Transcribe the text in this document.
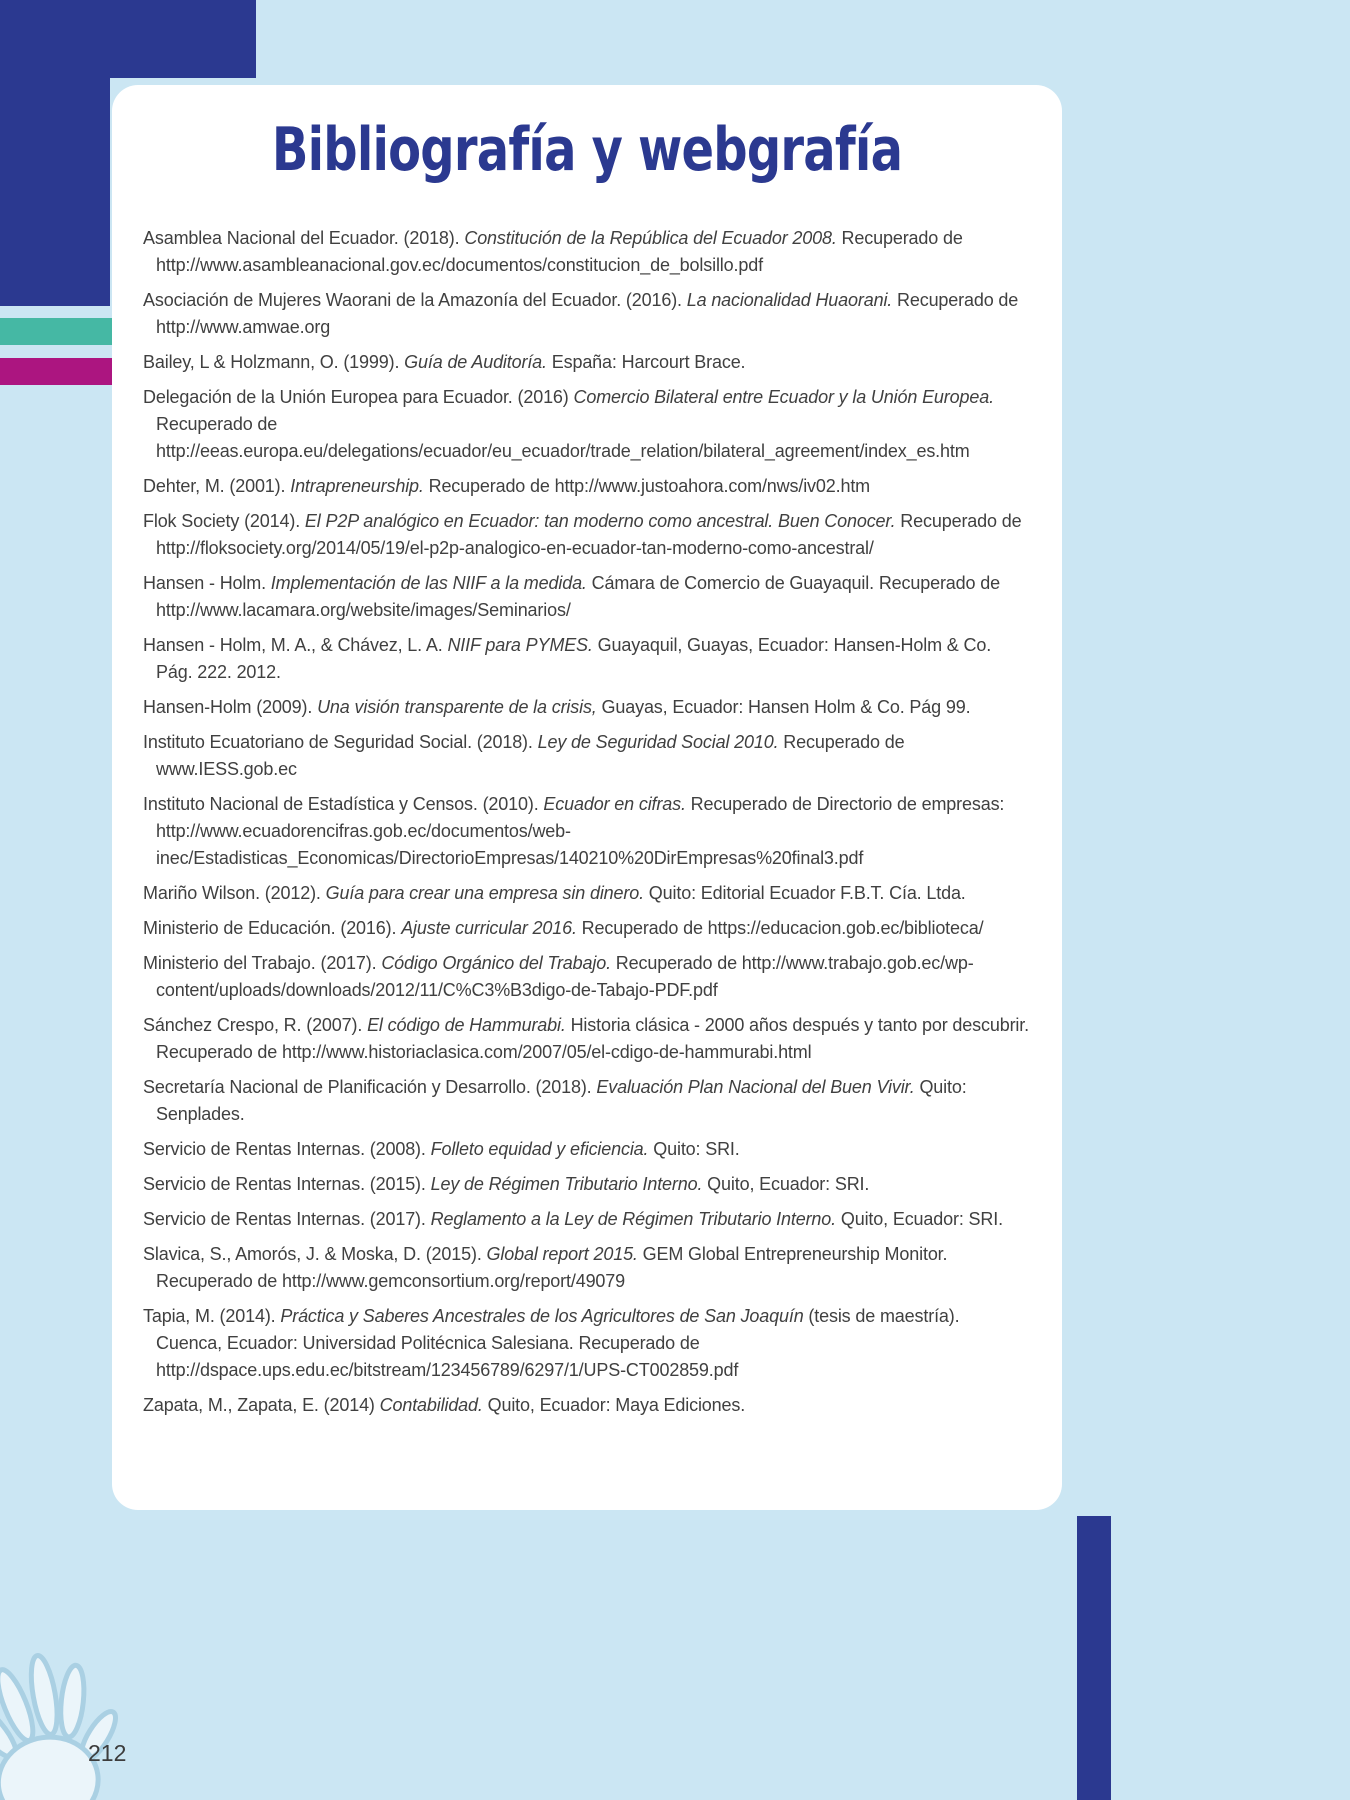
Bibliografía y webgrafía

Asamblea Nacional del Ecuador. (2018). Constitución de la República del Ecuador 2008. Recuperado de http://www.asambleanacional.gov.ec/documentos/constitucion_de_bolsillo.pdf

Asociación de Mujeres Waorani de la Amazonía del Ecuador. (2016). La nacionalidad Huaorani. Recuperado de http://www.amwae.org

Bailey, L & Holzmann, O. (1999). Guía de Auditoría. España: Harcourt Brace.

Delegación de la Unión Europea para Ecuador. (2016) Comercio Bilateral entre Ecuador y la Unión Europea. Recuperado de http://eeas.europa.eu/delegations/ecuador/eu_ecuador/trade_relation/bilateral_agreement/index_es.htm

Dehter, M. (2001). Intrapreneurship. Recuperado de http://www.justoahora.com/nws/iv02.htm

Flok Society (2014). El P2P analógico en Ecuador: tan moderno como ancestral. Buen Conocer. Recuperado de http://floksociety.org/2014/05/19/el-p2p-analogico-en-ecuador-tan-moderno-como-ancestral/

Hansen - Holm. Implementación de las NIIF a la medida. Cámara de Comercio de Guayaquil. Recuperado de http://www.lacamara.org/website/images/Seminarios/

Hansen - Holm, M. A., & Chávez, L. A. NIIF para PYMES. Guayaquil, Guayas, Ecuador: Hansen-Holm & Co. Pág. 222. 2012.

Hansen-Holm (2009). Una visión transparente de la crisis, Guayas, Ecuador: Hansen Holm & Co. Pág 99.

Instituto Ecuatoriano de Seguridad Social. (2018). Ley de Seguridad Social 2010. Recuperado de www.IESS.gob.ec

Instituto Nacional de Estadística y Censos. (2010). Ecuador en cifras. Recuperado de Directorio de empresas: http://www.ecuadorencifras.gob.ec/documentos/web-inec/Estadisticas_Economicas/DirectorioEmpresas/140210%20DirEmpresas%20final3.pdf

Mariño Wilson. (2012). Guía para crear una empresa sin dinero. Quito: Editorial Ecuador F.B.T. Cía. Ltda.

Ministerio de Educación. (2016). Ajuste curricular 2016. Recuperado de https://educacion.gob.ec/biblioteca/

Ministerio del Trabajo. (2017). Código Orgánico del Trabajo. Recuperado de http://www.trabajo.gob.ec/wp-content/uploads/downloads/2012/11/C%C3%B3digo-de-Tabajo-PDF.pdf

Sánchez Crespo, R. (2007). El código de Hammurabi. Historia clásica - 2000 años después y tanto por descubrir. Recuperado de http://www.historiaclasica.com/2007/05/el-cdigo-de-hammurabi.html

Secretaría Nacional de Planificación y Desarrollo. (2018). Evaluación Plan Nacional del Buen Vivir. Quito: Senplades.

Servicio de Rentas Internas. (2008). Folleto equidad y eficiencia. Quito: SRI.

Servicio de Rentas Internas. (2015). Ley de Régimen Tributario Interno. Quito, Ecuador: SRI.

Servicio de Rentas Internas. (2017). Reglamento a la Ley de Régimen Tributario Interno. Quito, Ecuador: SRI.

Slavica, S., Amorós, J. & Moska, D. (2015). Global report 2015. GEM Global Entrepreneurship Monitor. Recuperado de http://www.gemconsortium.org/report/49079

Tapia, M. (2014). Práctica y Saberes Ancestrales de los Agricultores de San Joaquín (tesis de maestría). Cuenca, Ecuador: Universidad Politécnica Salesiana. Recuperado de http://dspace.ups.edu.ec/bitstream/123456789/6297/1/UPS-CT002859.pdf

Zapata, M., Zapata, E. (2014) Contabilidad. Quito, Ecuador: Maya Ediciones.

212
